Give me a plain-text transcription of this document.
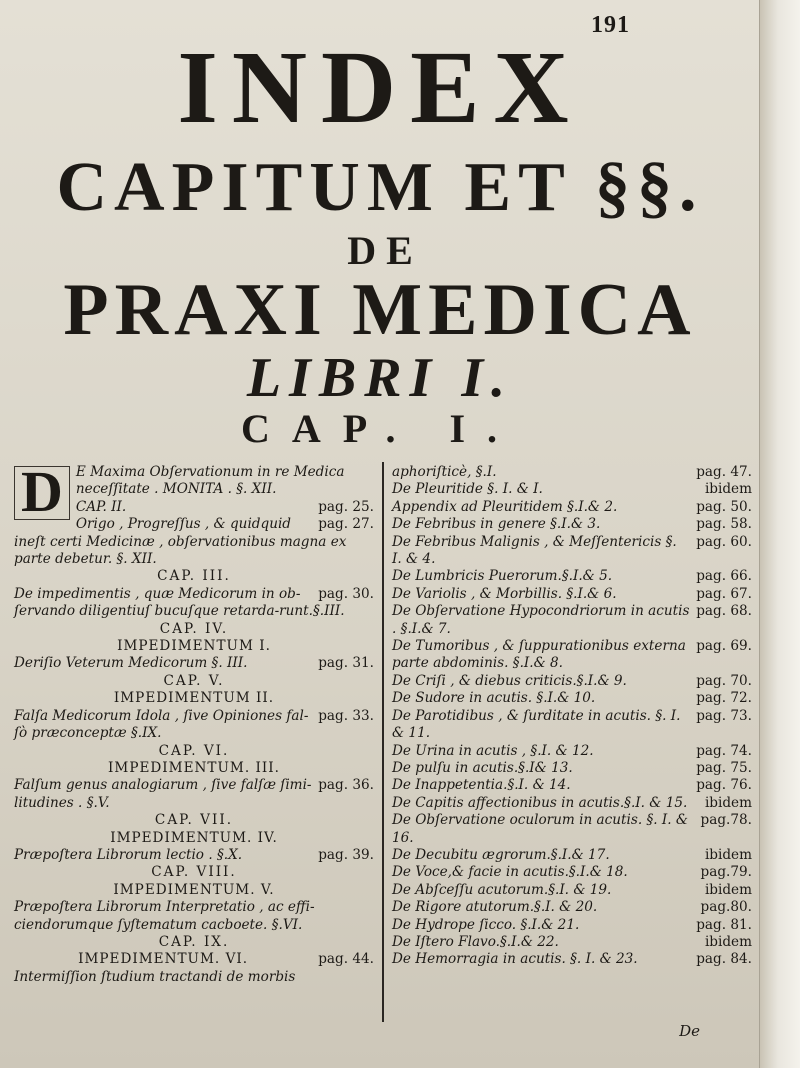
191
INDEX
CAPITUM ET §§.
D E
PRAXI MEDICA
LIBRI I.
CAP. I.
D E Maxima Obſervationum in re Medica neceſſitate . MONITA . §. XII.

pag. 25.
CAP. II.

pag. 27.
Origo , Progreſſus , & quidquid ineſt certi Medicinæ , obſervationibus magna ex parte debetur. §. XII.

CAP. III.

pag. 30.
De impedimentis , quæ Medicorum in ob-ſervando diligentiuſ bucuſque retarda-runt.§.III.

CAP. IV.

IMPEDIMENTUM I.

pag. 31.
Deriſio Veterum Medicorum §. III.

CAP. V.

IMPEDIMENTUM II.

pag. 33.
Falſa Medicorum Idola , ſive Opiniones fal-ſò præconceptæ §.IX.

CAP. VI.

IMPEDIMENTUM. III.

pag. 36.
Falſum genus analogiarum , ſive falſæ ſimi-litudines . §.V.

CAP. VII.

IMPEDIMENTUM. IV.

pag. 39.
Præpoſtera Librorum lectio . §.X.

CAP. VIII.

IMPEDIMENTUM. V.

Præpoſtera Librorum Interpretatio , ac effi-ciendorumque ſyſtematum cacboete. §.VI.

CAP. IX.

pag. 44.

IMPEDIMENTUM. VI.

Intermiſſion ſtudium tractandi de morbis

pag. 47.
aphoriſticè, §.I.

ibidem
De Pleuritide §. I. & I.

pag. 50.
Appendix ad Pleuritidem §.I.& 2.

pag. 58.
De Febribus in genere §.I.& 3.

pag. 60.
De Febribus Malignis , & Meſſentericis §. I. & 4.

pag. 66.
De Lumbricis Puerorum.§.I.& 5.

pag. 67.
De Variolis , & Morbillis. §.I.& 6.

pag. 68.
De Obſervatione Hypocondriorum in acutis . §.I.& 7.

pag. 69.
De Tumoribus , & ſuppurationibus externa parte abdominis. §.I.& 8.

pag. 70.
De Criſi , & diebus criticis.§.I.& 9.

pag. 72.
De Sudore in acutis. §.I.& 10.

pag. 73.
De Parotidibus , & ſurditate in acutis. §. I. & 11.

pag. 74.
De Urina in acutis , §.I. & 12.

pag. 75.
De pulſu in acutis.§.I& 13.

pag. 76.
De Inappetentia.§.I. & 14.

ibidem
De Capitis affectionibus in acutis.§.I. & 15.

pag.78.
De Obſervatione oculorum in acutis. §. I. & 16.

ibidem
De Decubitu ægrorum.§.I.& 17.

pag.79.
De Voce,& facie in acutis.§.I.& 18.

ibidem
De Abſceſſu acutorum.§.I. & 19.

pag.80.
De Rigore atutorum.§.I. & 20.

pag. 81.
De Hydrope ſicco. §.I.& 21.

ibidem
De Iſtero Flavo.§.I.& 22.

pag. 84.
De Hemorragia in acutis. §. I. & 23.

De
